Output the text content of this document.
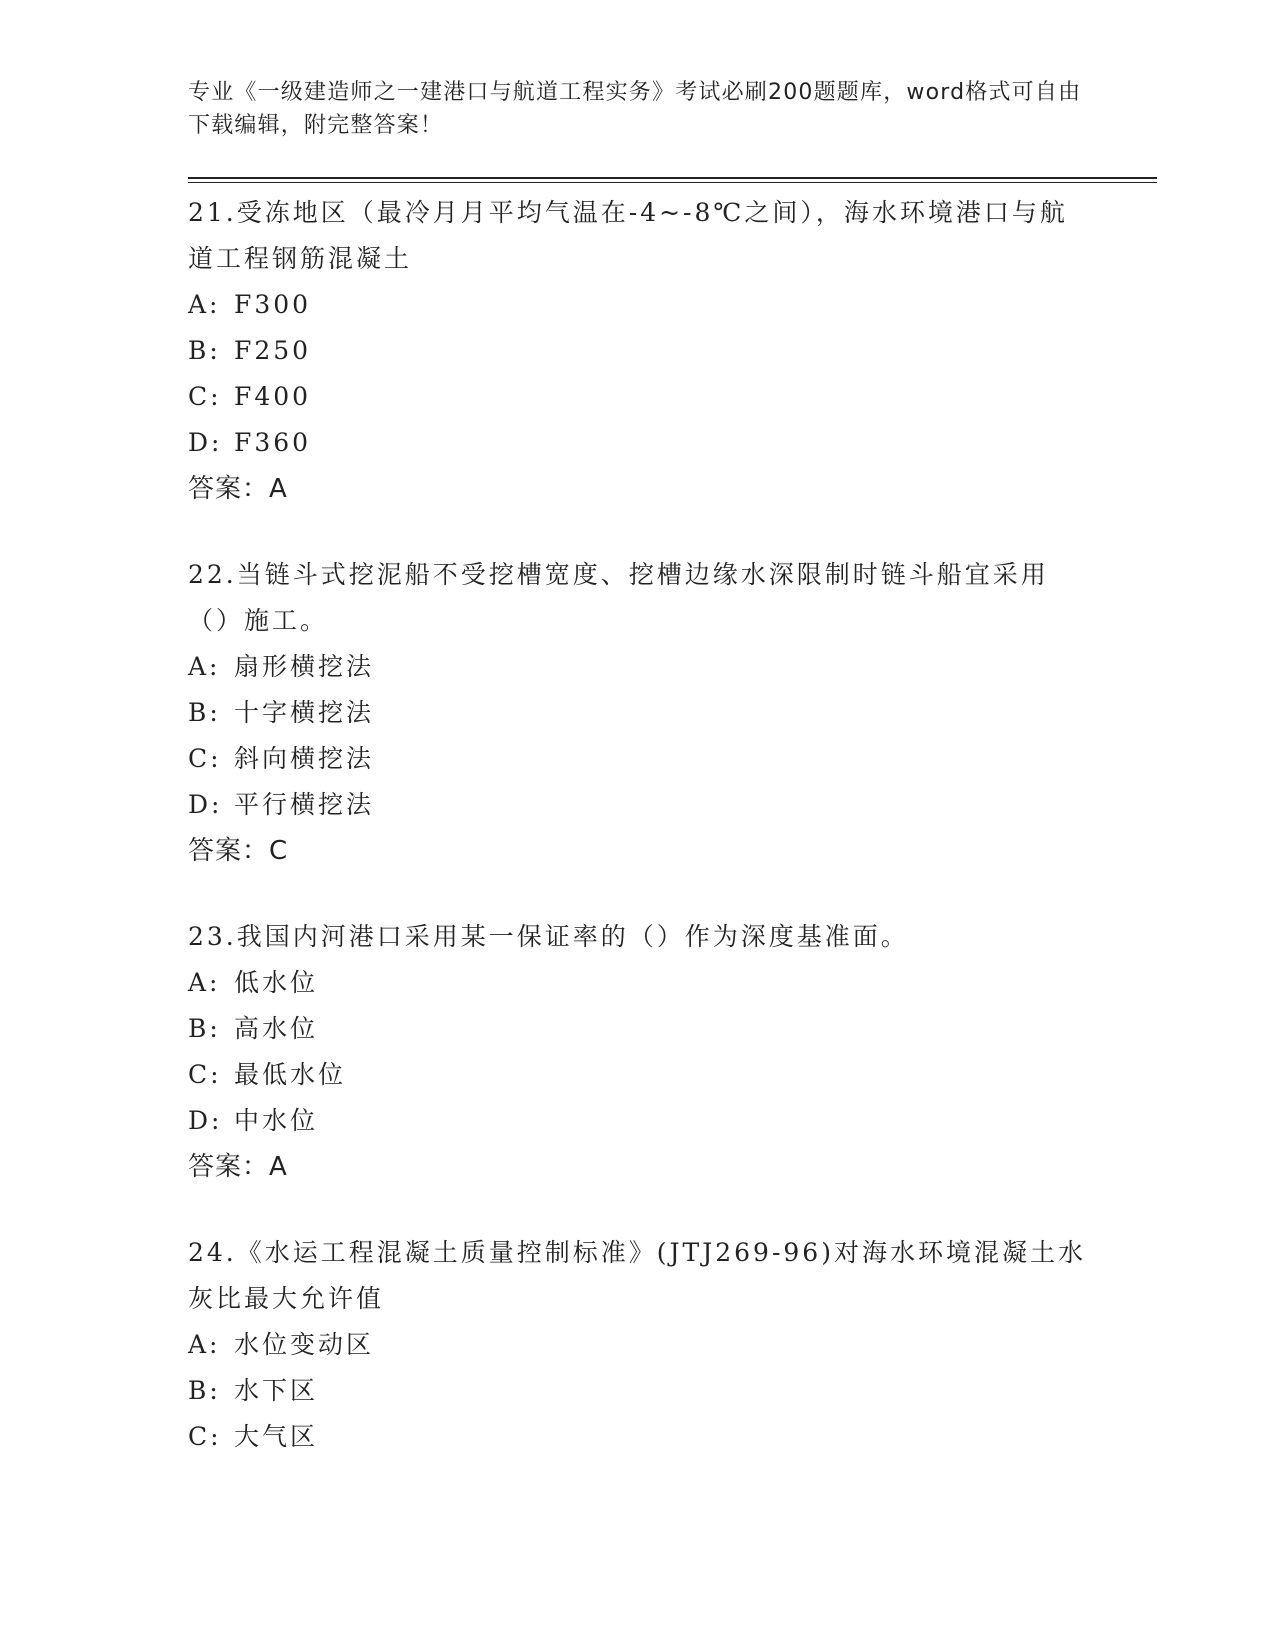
专业《一级建造师之一建港口与航道工程实务》考试必刷200题题库，word格式可自由下载编辑，附完整答案！

21.受冻地区（最冷月月平均气温在-4~-8℃之间），海水环境港口与航道工程钢筋混凝土

A: F300

B: F250

C: F400

D: F360

答案：A

22.当链斗式挖泥船不受挖槽宽度、挖槽边缘水深限制时链斗船宜采用（）施工。

A: 扇形横挖法

B: 十字横挖法

C: 斜向横挖法

D: 平行横挖法

答案：C

23.我国内河港口采用某一保证率的（）作为深度基准面。

A: 低水位

B: 高水位

C: 最低水位

D: 中水位

答案：A

24.《水运工程混凝土质量控制标准》(JTJ269-96)对海水环境混凝土水灰比最大允许值

A: 水位变动区

B: 水下区

C: 大气区
